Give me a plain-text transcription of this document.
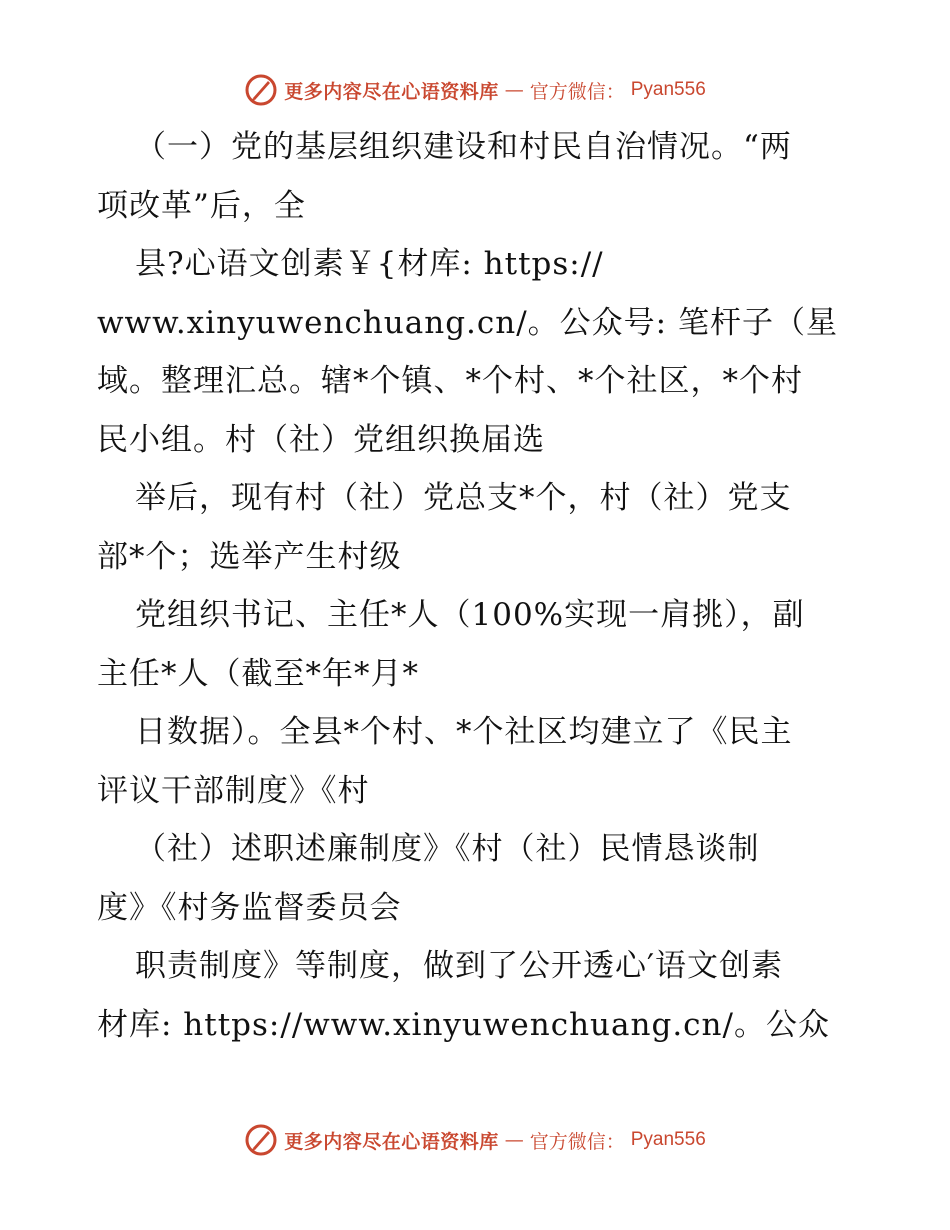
更多内容尽在心语资料库 — 官方微信： Pyan556
（一）党的基层组织建设和村民自治情况。“两
项改革”后，全
县?心语文创素￥{材库: https://
www.xinyuwenchuang.cn/。公众号: 笔杆子（星
域。整理汇总。辖*个镇、*个村、*个社区，*个村
民小组。村（社）党组织换届选
举后，现有村（社）党总支*个，村（社）党支
部*个；选举产生村级
党组织书记、主任*人（100%实现一肩挑），副
主任*人（截至*年*月*
日数据）。全县*个村、*个社区均建立了《民主
评议干部制度》《村
（社）述职述廉制度》《村（社）民情恳谈制
度》《村务监督委员会
职责制度》等制度，做到了公开透心′语文创素
材库: https://www.xinyuwenchuang.cn/。公众
更多内容尽在心语资料库 — 官方微信： Pyan556
